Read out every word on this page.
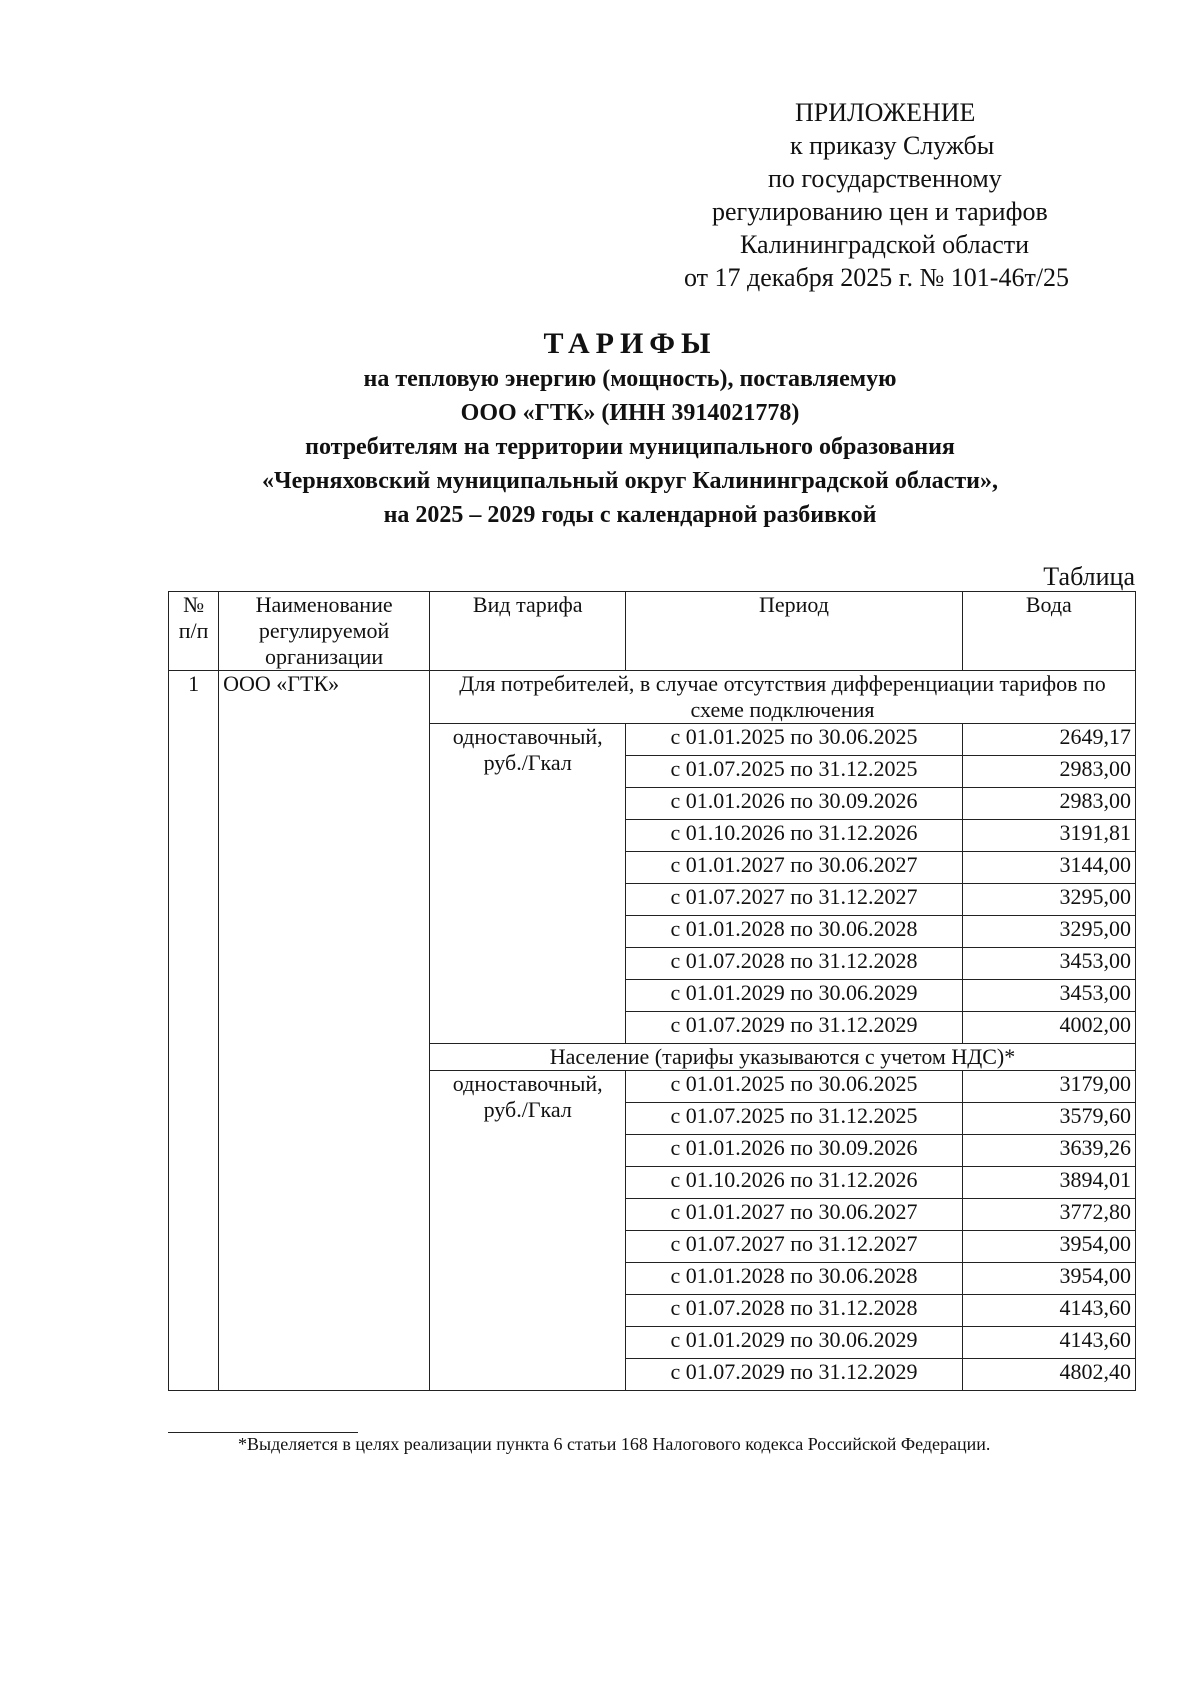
ПРИЛОЖЕНИЕ
к приказу Службы
по государственному
регулированию цен и тарифов
Калининградской области
от 17 декабря 2025 г. № 101-46т/25
ТАРИФЫ
на тепловую энергию (мощность), поставляемую
ООО «ГТК» (ИНН 3914021778)
потребителям на территории муниципального образования
«Черняховский муниципальный округ Калининградской области»,
на 2025 – 2029 годы с календарной разбивкой
Таблица
№ п/п	Наименование регулируемой организации	Вид тарифа	Период	Вода
1	ООО «ГТК»	Для потребителей, в случае отсутствия дифференциации тарифов по схеме подключения		
		одноставочный, руб./Гкал	с 01.01.2025 по 30.06.2025	2649,17
			с 01.07.2025 по 31.12.2025	2983,00
			с 01.01.2026 по 30.09.2026	2983,00
			с 01.10.2026 по 31.12.2026	3191,81
			с 01.01.2027 по 30.06.2027	3144,00
			с 01.07.2027 по 31.12.2027	3295,00
			с 01.01.2028 по 30.06.2028	3295,00
			с 01.07.2028 по 31.12.2028	3453,00
			с 01.01.2029 по 30.06.2029	3453,00
			с 01.07.2029 по 31.12.2029	4002,00
		Население (тарифы указываются с учетом НДС)*		
		одноставочный, руб./Гкал	с 01.01.2025 по 30.06.2025	3179,00
			с 01.07.2025 по 31.12.2025	3579,60
			с 01.01.2026 по 30.09.2026	3639,26
			с 01.10.2026 по 31.12.2026	3894,01
			с 01.01.2027 по 30.06.2027	3772,80
			с 01.07.2027 по 31.12.2027	3954,00
			с 01.01.2028 по 30.06.2028	3954,00
			с 01.07.2028 по 31.12.2028	4143,60
			с 01.01.2029 по 30.06.2029	4143,60
			с 01.07.2029 по 31.12.2029	4802,40
*Выделяется в целях реализации пункта 6 статьи 168 Налогового кодекса Российской Федерации.
